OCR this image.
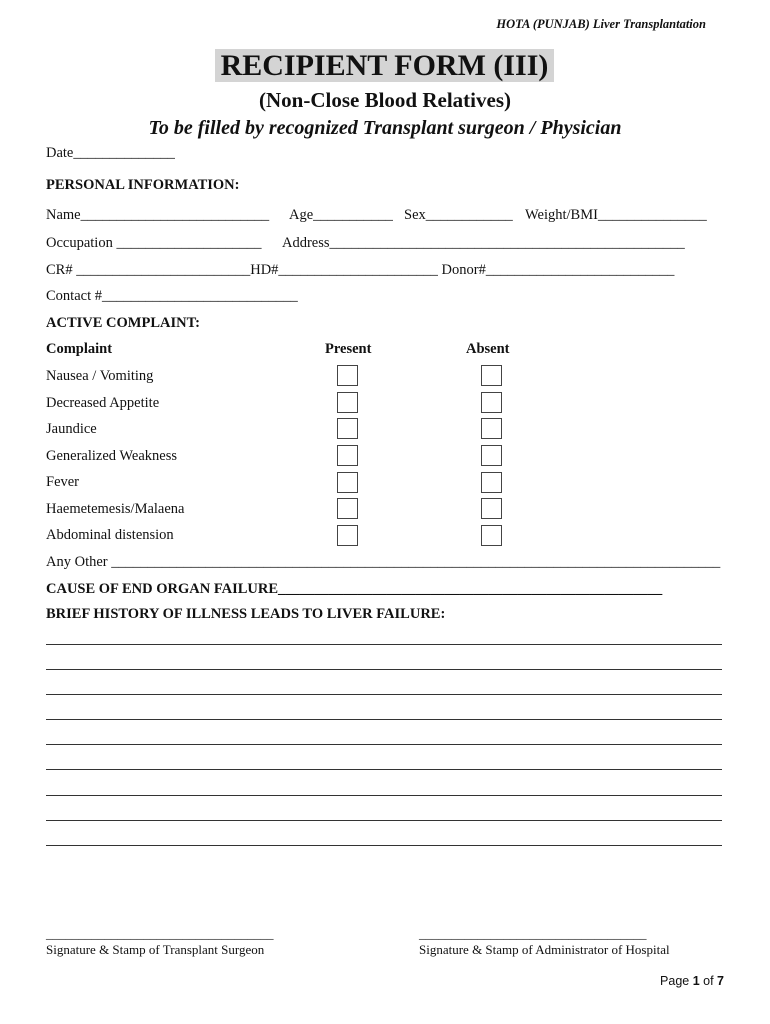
HOTA (PUNJAB) Liver Transplantation
RECIPIENT FORM (III)
(Non-Close Blood Relatives)
To be filled by recognized Transplant surgeon / Physician
Date______________
PERSONAL INFORMATION:
Name__________________________ Age___________ Sex____________ Weight/BMI_______________
Occupation ____________________ Address_________________________________________________
CR# ________________________HD#______________________ Donor#__________________________
Contact #___________________________
ACTIVE COMPLAINT:
Complaint	Present	Absent
Nausea / Vomiting
Decreased Appetite
Jaundice
Generalized Weakness
Fever
Haemetemesis/Malaena
Abdominal distension
Any Other ____________________________________________________________________________________
CAUSE OF END ORGAN FAILURE_____________________________________________________
BRIEF HISTORY OF ILLNESS LEADS TO LIVER FAILURE:
___________________________________
Signature & Stamp of Transplant Surgeon
___________________________________
Signature & Stamp of Administrator of Hospital
Page 1 of 7
